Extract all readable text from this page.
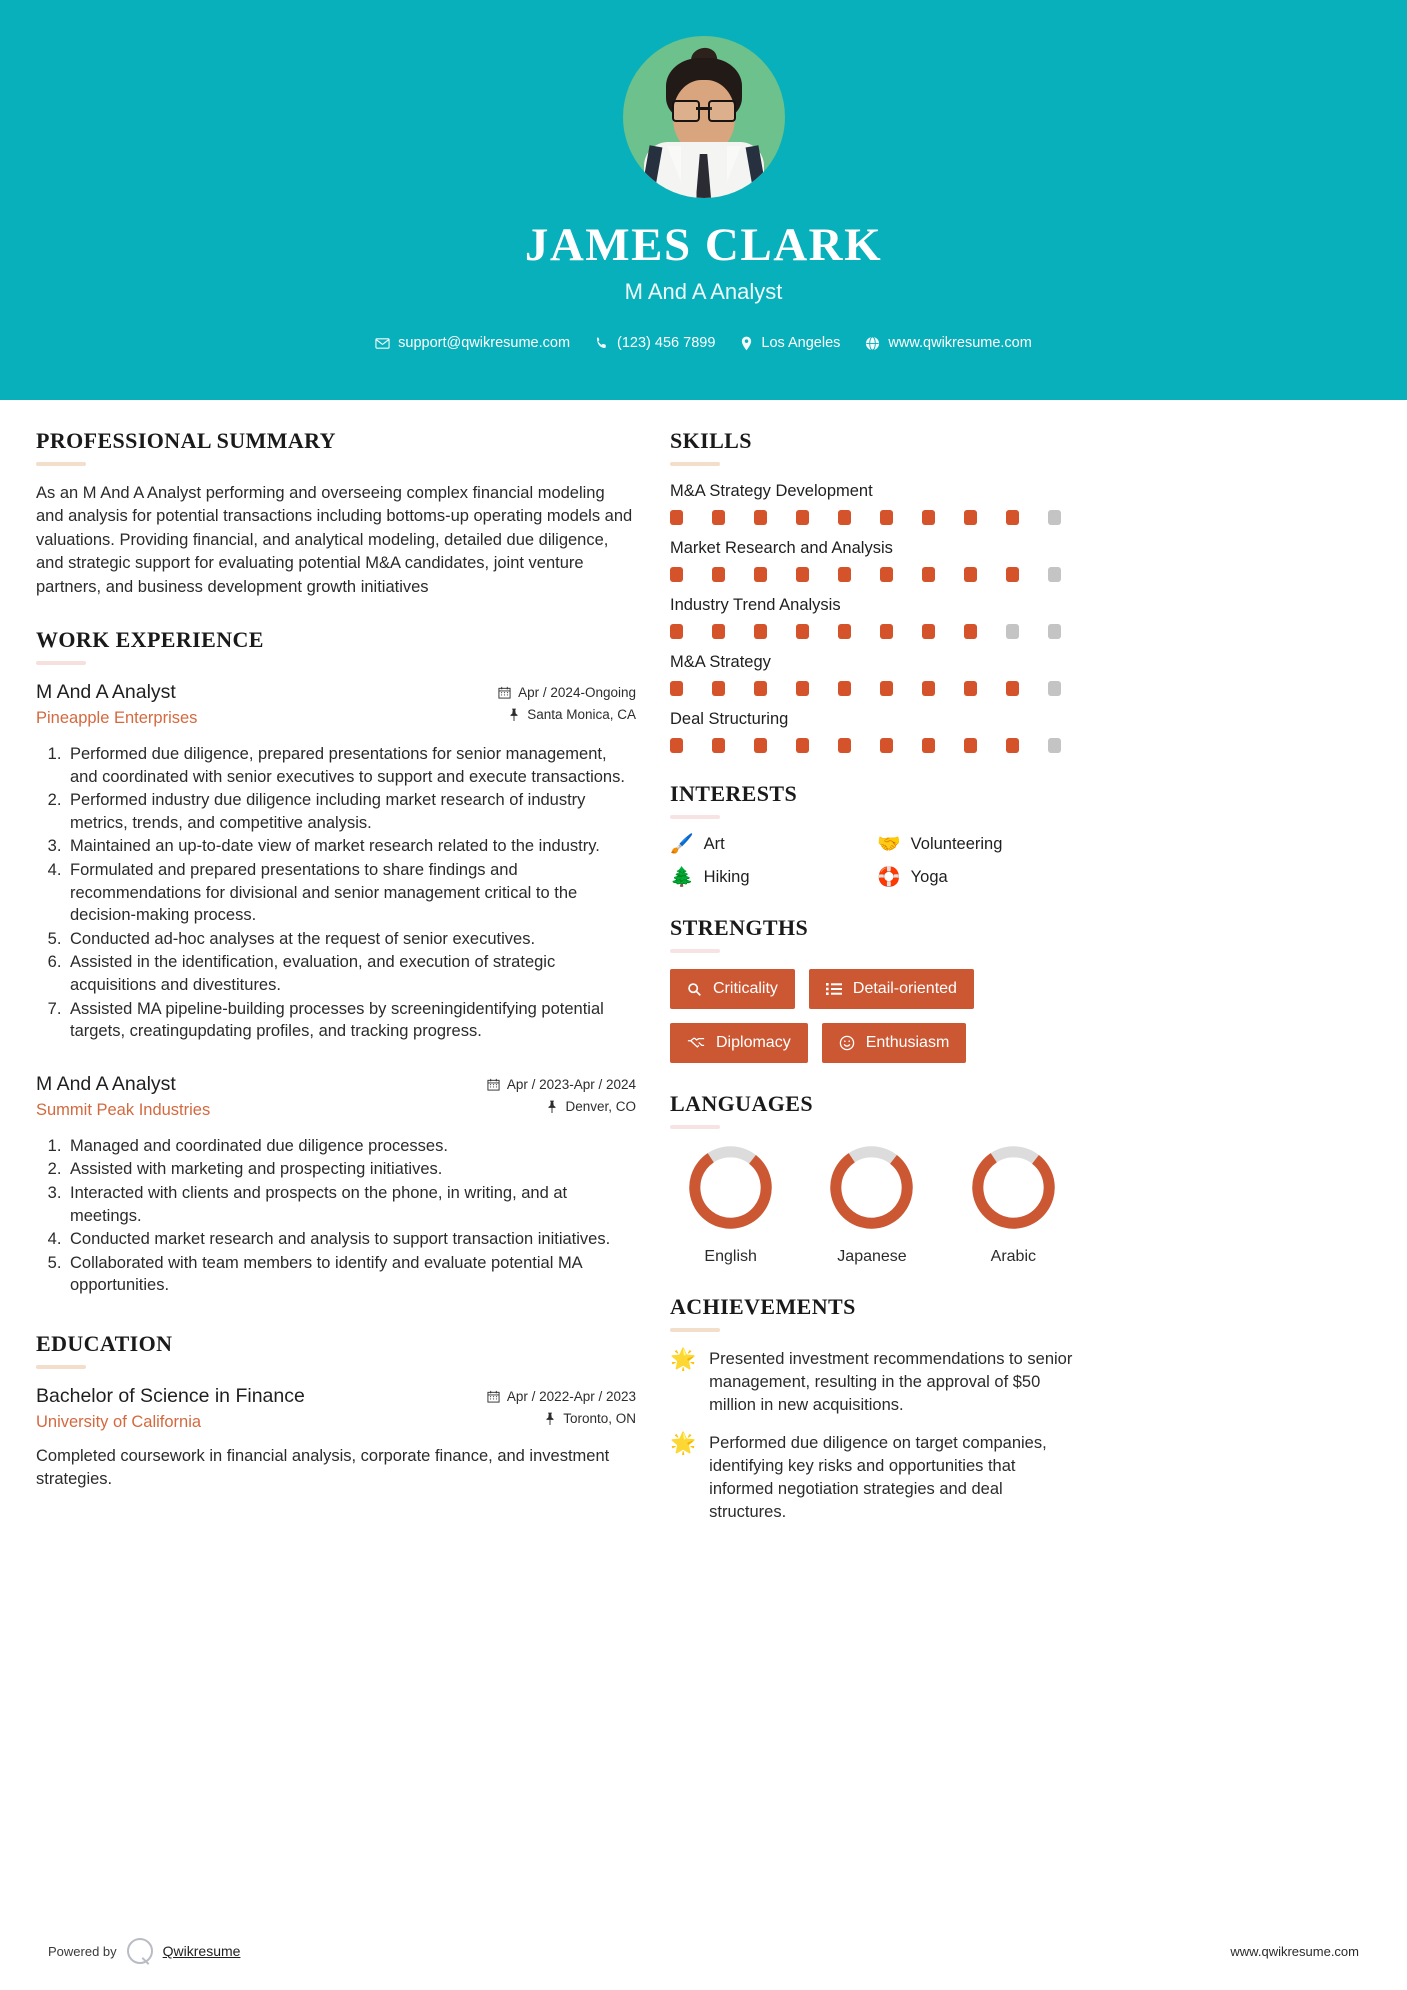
JAMES CLARK
M And A Analyst
support@qwikresume.com	(123) 456 7899	Los Angeles	www.qwikresume.com
PROFESSIONAL SUMMARY
As an M And A Analyst performing and overseeing complex financial modeling and analysis for potential transactions including bottoms-up operating models and valuations. Providing financial, and analytical modeling, detailed due diligence, and strategic support for evaluating potential M&A candidates, joint venture partners, and business development growth initiatives
WORK EXPERIENCE
M And A Analyst
Pineapple Enterprises
Apr / 2024-Ongoing
Santa Monica, CA
1. Performed due diligence, prepared presentations for senior management, and coordinated with senior executives to support and execute transactions.
2. Performed industry due diligence including market research of industry metrics, trends, and competitive analysis.
3. Maintained an up-to-date view of market research related to the industry.
4. Formulated and prepared presentations to share findings and recommendations for divisional and senior management critical to the decision-making process.
5. Conducted ad-hoc analyses at the request of senior executives.
6. Assisted in the identification, evaluation, and execution of strategic acquisitions and divestitures.
7. Assisted MA pipeline-building processes by screeningidentifying potential targets, creatingupdating profiles, and tracking progress.
M And A Analyst
Summit Peak Industries
Apr / 2023-Apr / 2024
Denver, CO
1. Managed and coordinated due diligence processes.
2. Assisted with marketing and prospecting initiatives.
3. Interacted with clients and prospects on the phone, in writing, and at meetings.
4. Conducted market research and analysis to support transaction initiatives.
5. Collaborated with team members to identify and evaluate potential MA opportunities.
EDUCATION
Bachelor of Science in Finance
University of California
Apr / 2022-Apr / 2023
Toronto, ON
Completed coursework in financial analysis, corporate finance, and investment strategies.
SKILLS
M&A Strategy Development
Market Research and Analysis
Industry Trend Analysis
M&A Strategy
Deal Structuring
INTERESTS
🖌️ Art	🤝 Volunteering
🌲 Hiking	🛟 Yoga
STRENGTHS
Criticality	Detail-oriented
Diplomacy	Enthusiasm
LANGUAGES
English	Japanese	Arabic
ACHIEVEMENTS
🌟 Presented investment recommendations to senior management, resulting in the approval of $50 million in new acquisitions.
🌟 Performed due diligence on target companies, identifying key risks and opportunities that informed negotiation strategies and deal structures.
Powered by	Qwikresume	www.qwikresume.com
